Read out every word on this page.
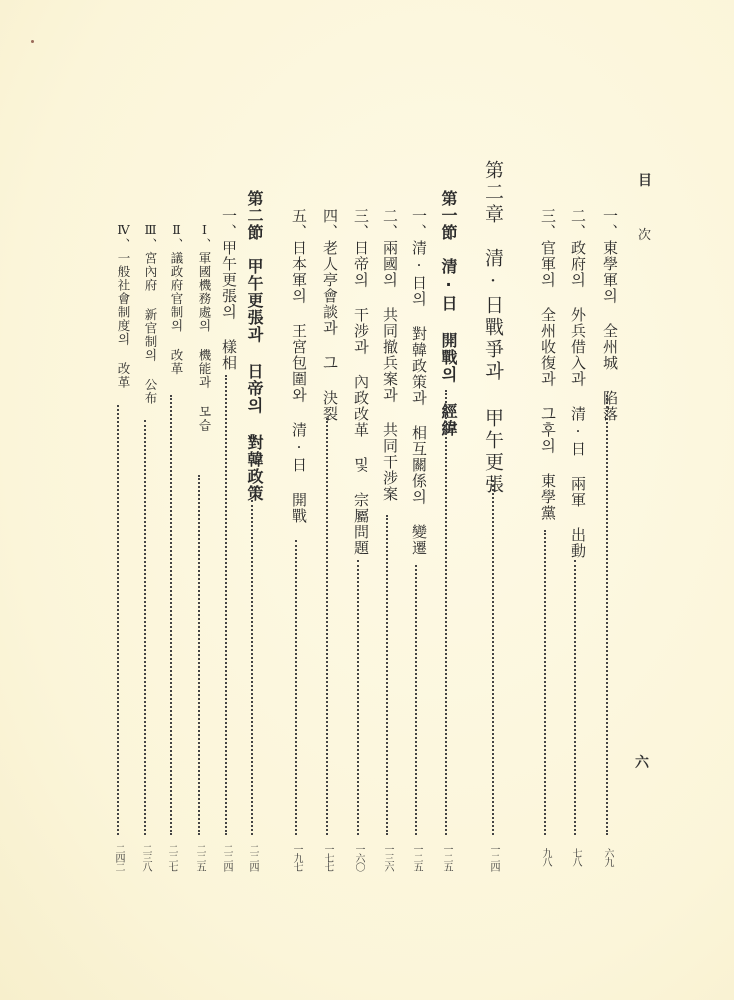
目
次
六
一、東學軍의 全州城 陷落
六九
二、政府의 外兵借入과 清·日 兩軍 出動
七八
三、官軍의 全州收復과 그후의 東學黨
九八
第二章　清·日戰爭과 甲午更張
一二四
第一節　清·日 開戰의 經緯
一二五
一、清·日의 對韓政策과 相互關係의 變遷
一二五
二、兩國의 共同撤兵案과 共同干涉案
一三六
三、日帝의 干涉과 內政改革 및 宗屬問題
一六〇
四、老人亭會談과 그 決裂
一七七
五、日本軍의 王宮包圍와 清·日 開戰
一九七
第二節　甲午更張과 日帝의 對韓政策
二二四
一、甲午更張의 樣相
二二四
Ⅰ、軍國機務處의 機能과 모습
二二五
Ⅱ、議政府官制의 改革
二二七
Ⅲ、宮內府 新官制의 公布
二三八
Ⅳ、一般社會制度의 改革
二四二
